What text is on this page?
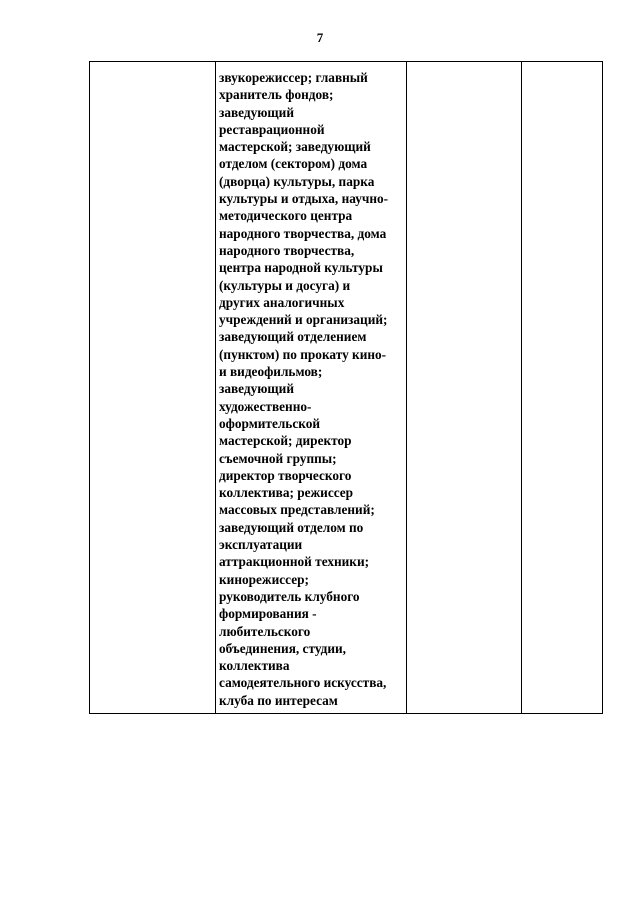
7

звукорежиссер; главный
хранитель фондов;
заведующий
реставрационной
мастерской; заведующий
отделом (сектором) дома
(дворца) культуры, парка
культуры и отдыха, научно-
методического центра
народного творчества, дома
народного творчества,
центра народной культуры
(культуры и досуга) и
других аналогичных
учреждений и организаций;
заведующий отделением
(пунктом) по прокату кино-
и видеофильмов;
заведующий
художественно-
оформительской
мастерской; директор
съемочной группы;
директор творческого
коллектива; режиссер
массовых представлений;
заведующий отделом по
эксплуатации
аттракционной техники;
кинорежиссер;
руководитель клубного
формирования -
любительского
объединения, студии,
коллектива
самодеятельного искусства,
клуба по интересам
